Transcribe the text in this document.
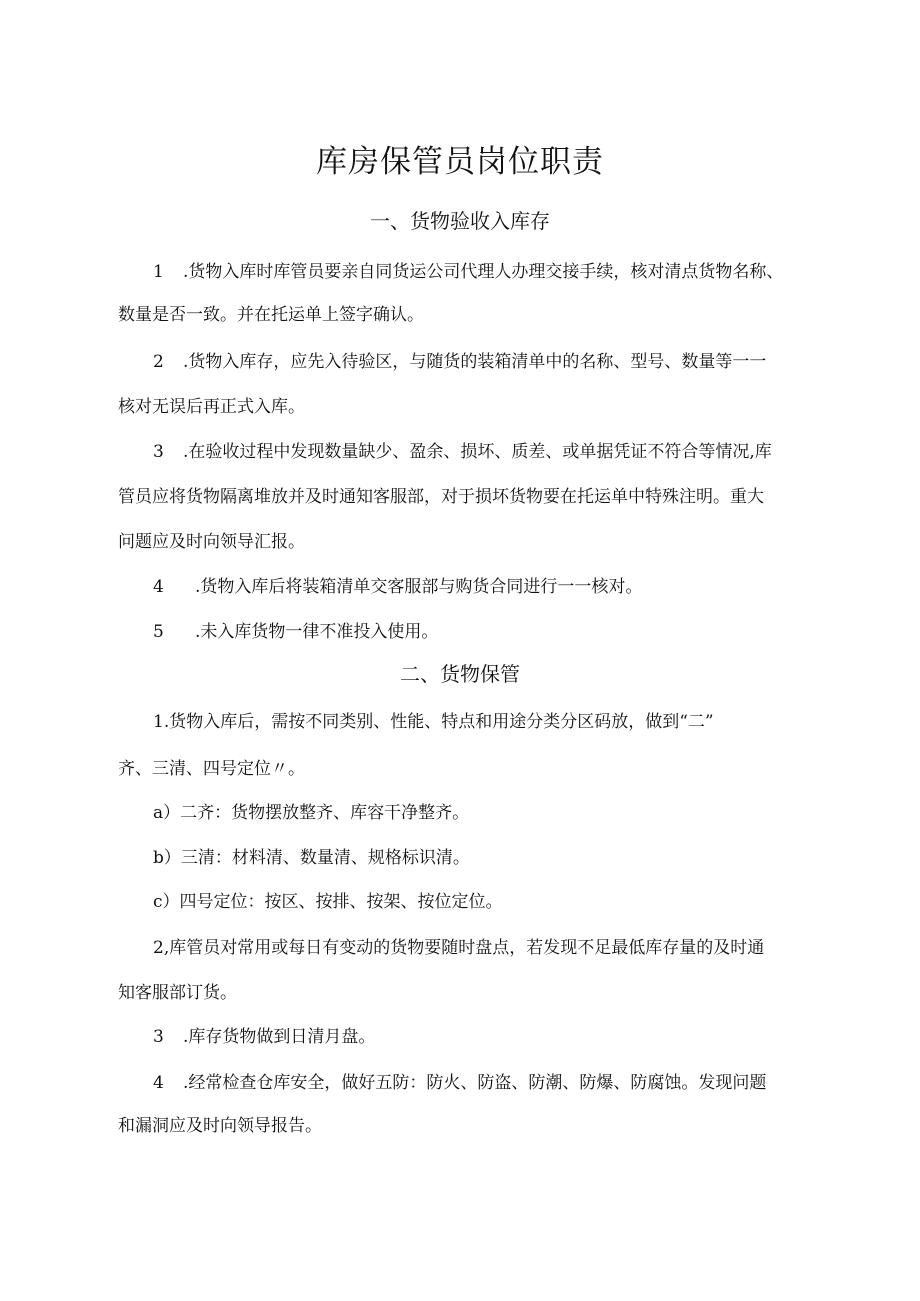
库房保管员岗位职责
一、货物验收入库存
1 .货物入库时库管员要亲自同货运公司代理人办理交接手续，核对清点货物名称、
数量是否一致。并在托运单上签字确认。
2 .货物入库存，应先入待验区，与随货的装箱清单中的名称、型号、数量等一一
核对无误后再正式入库。
3 .在验收过程中发现数量缺少、盈余、损坏、质差、或单据凭证不符合等情况,库
管员应将货物隔离堆放并及时通知客服部，对于损坏货物要在托运单中特殊注明。重大
问题应及时向领导汇报。
4 .货物入库后将装箱清单交客服部与购货合同进行一一核对。
5 .未入库货物一律不准投入使用。
二、货物保管
1.货物入库后，需按不同类别、性能、特点和用途分类分区码放，做到“二”
齐、三清、四号定位〃。
a）二齐：货物摆放整齐、库容干净整齐。
b）三清：材料清、数量清、规格标识清。
c）四号定位：按区、按排、按架、按位定位。
2,库管员对常用或每日有变动的货物要随时盘点，若发现不足最低库存量的及时通
知客服部订货。
3 .库存货物做到日清月盘。
4 .经常检查仓库安全，做好五防：防火、防盗、防潮、防爆、防腐蚀。发现问题
和漏洞应及时向领导报告。
